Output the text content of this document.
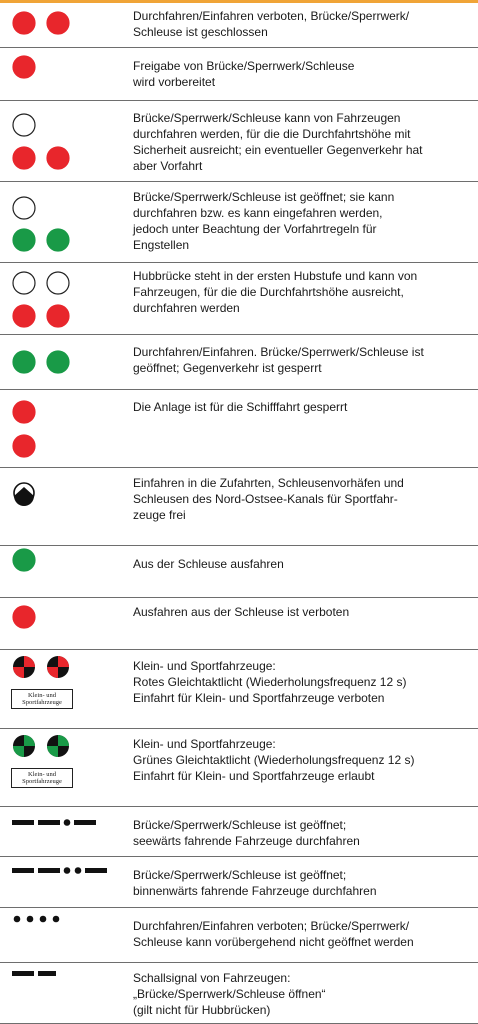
Durchfahren/Einfahren verboten, Brücke/Sperrwerk/
Schleuse ist geschlossen
Freigabe von Brücke/Sperrwerk/Schleuse
wird vorbereitet
Brücke/Sperrwerk/Schleuse kann von Fahrzeugen
durchfahren werden, für die die Durchfahrtshöhe mit
Sicherheit ausreicht; ein eventueller Gegenverkehr hat
aber Vorfahrt
Brücke/Sperrwerk/Schleuse ist geöffnet; sie kann
durchfahren bzw. es kann eingefahren werden,
jedoch unter Beachtung der Vorfahrtregeln für
Engstellen
Hubbrücke steht in der ersten Hubstufe und kann von
Fahrzeugen, für die die Durchfahrtshöhe ausreicht,
durchfahren werden
Durchfahren/Einfahren. Brücke/Sperrwerk/Schleuse ist
geöffnet; Gegenverkehr ist gesperrt
Die Anlage ist für die Schifffahrt gesperrt
Einfahren in die Zufahrten, Schleusenvorhäfen und
Schleusen des Nord-Ostsee-Kanals für Sportfahr-
zeuge frei
Aus der Schleuse ausfahren
Ausfahren aus der Schleuse ist verboten
Klein- und
Sportfahrzeuge
Klein- und Sportfahrzeuge:
Rotes Gleichtaktlicht (Wiederholungsfrequenz 12 s)
Einfahrt für Klein- und Sportfahrzeuge verboten
Klein- und
Sportfahrzeuge
Klein- und Sportfahrzeuge:
Grünes Gleichtaktlicht (Wiederholungsfrequenz 12 s)
Einfahrt für Klein- und Sportfahrzeuge erlaubt
Brücke/Sperrwerk/Schleuse ist geöffnet;
seewärts fahrende Fahrzeuge durchfahren
Brücke/Sperrwerk/Schleuse ist geöffnet;
binnenwärts fahrende Fahrzeuge durchfahren
Durchfahren/Einfahren verboten; Brücke/Sperrwerk/
Schleuse kann vorübergehend nicht geöffnet werden
Schallsignal von Fahrzeugen:
„Brücke/Sperrwerk/Schleuse öffnen“
(gilt nicht für Hubbrücken)
